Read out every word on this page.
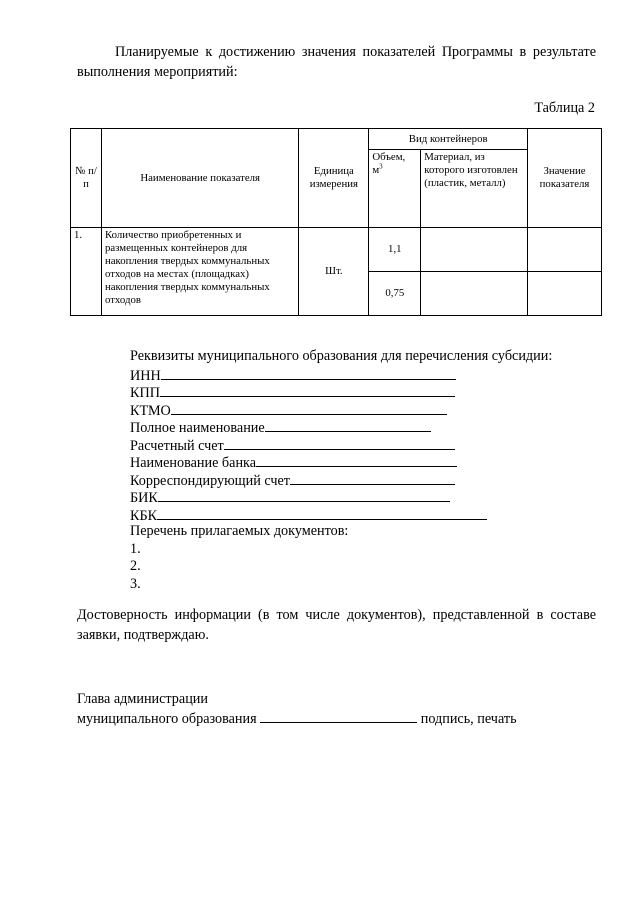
Планируемые к достижению значения показателей Программы в результате выполнения мероприятий:
Таблица 2
№ п/п	Наименование показателя	Единица измерения	Вид контейнеров		Значение показателя
			Объем, $м^3$	Материал, из которого изготовлен (пластик, металл)	
1.	Количество приобретенных и размещенных контейнеров для накопления твердых коммунальных отходов на местах (площадках) накопления твердых коммунальных отходов	Шт.	1,1		
			0,75		
Реквизиты муниципального образования для перечисления субсидии:
ИНН
КПП
КТМО
Полное наименование
Расчетный счет
Наименование банка
Корреспондирующий счет
БИК
КБК
Перечень прилагаемых документов:
1.
2.
3.
Достоверность информации (в том числе документов), представленной в составе заявки, подтверждаю.
Глава администрации
муниципального образования	подпись, печать
